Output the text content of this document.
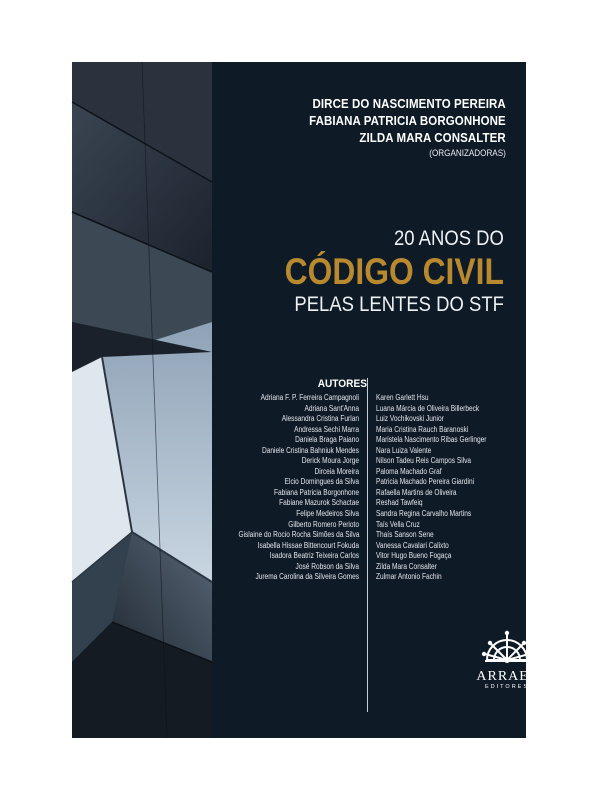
DIRCE DO NASCIMENTO PEREIRA
FABIANA PATRICIA BORGONHONE
ZILDA MARA CONSALTER
(ORGANIZADORAS)
20 ANOS DO
CÓDIGO CIVIL
PELAS LENTES DO STF
AUTORES
Adriana F. P. Ferreira Campagnoli
Adriana Sant'Anna
Alessandra Cristina Furlan
Andressa Sechi Marra
Daniela Braga Paiano
Daniele Cristina Bahniuk Mendes
Derick Moura Jorge
Dirceia Moreira
Elcio Domingues da Silva
Fabiana Patricia Borgonhone
Fabiane Mazurok Schactae
Felipe Medeiros Silva
Gilberto Romero Perioto
Gislaine do Rocio Rocha Simões da Silva
Isabella Hissae Bittencourt Fokuda
Isadora Beatriz Teixeira Carlos
José Robson da Silva
Jurema Carolina da Silveira Gomes
Karen Garlett Hsu
Luana Márcia de Oliveira Billerbeck
Luiz Vochikovski Junior
Maria Cristina Rauch Baranoski
Maristela Nascimento Ribas Gerlinger
Nara Luiza Valente
Nilson Tadeu Reis Campos Silva
Paloma Machado Graf
Patricia Machado Pereira Giardini
Rafaella Martins de Oliveira
Reshad Tawfeiq
Sandra Regina Carvalho Martins
Taís Vella Cruz
Thaís Sanson Sene
Vanessa Cavalari Calixto
Vitor Hugo Bueno Fogaça
Zilda Mara Consalter
Zulmar Antonio Fachin
ARRAES
EDITORES
